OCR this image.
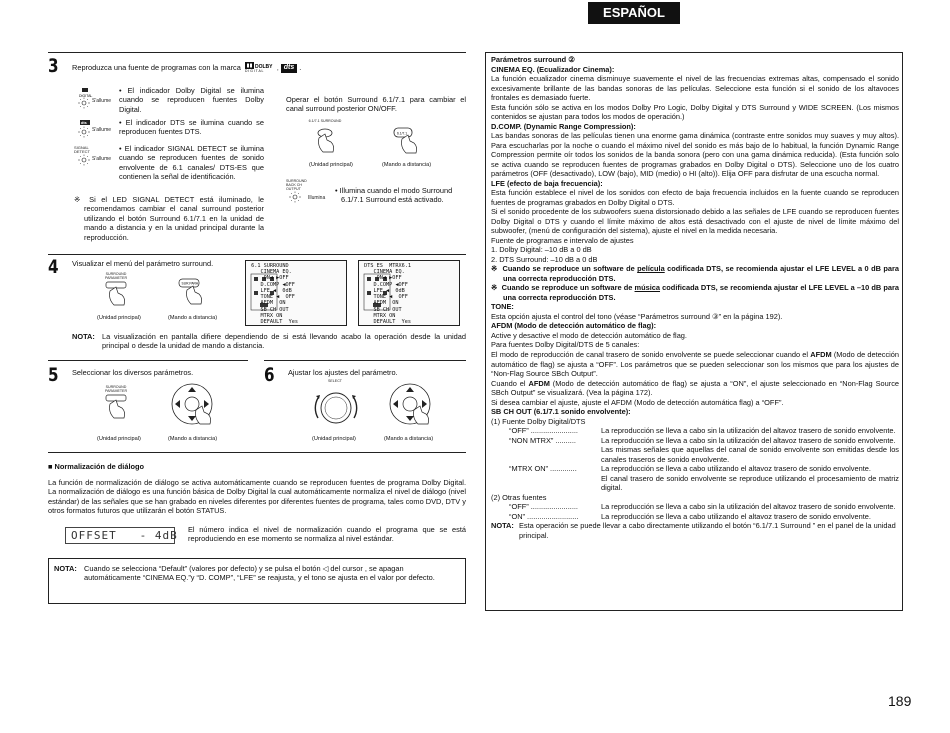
ESPAÑOL
3 Reproduzca una fuente de programas con la marca	DOLBY
D I G I T A L , dts .
DIGITAL
S'allume
dts
S'allume
SIGNAL DETECT
S'allume
• El indicador Dolby Digital se ilumina cuando se reproducen fuentes Dolby Digital.
• El indicador DTS se ilumina cuando se reproducen fuentes DTS.
• El indicador SIGNAL DETECT se ilumina cuando se reproducen fuentes de sonido envolvente de 6.1 canales/ DTS-ES que contienen la señal de identificación.
※ Si el LED SIGNAL DETECT está iluminado, le recomendamos cambiar el canal surround posterior utilizando el botón Surround 6.1/7.1 en la unidad de mando a distancia y en la unidad principal durante la reproducción.
Operar el botón Surround 6.1/7.1 para cambiar el canal surround posterior ON/OFF.
6.1/7.1 SURROUND
6.1/7.1
(Unidad principal)	(Mando a distancia)
SURROUND BACK CH OUTPUT
Illumina
• Illumina cuando el modo Surround 6.1/7.1 Surround está activado.
4 Visualizar el menú del parámetro surround.
SURROUND PARAMETER
SUR.PARA
(Unidad principal)	(Mando a distancia)
6.1 SURROUND
CINEMA EQ.
ON◀ ▶OFF
D.COMP ◀OFF
LFE ◀  0dB
TONE ◀  OFF
AFDM  ON
SB CH OUT
MTRX ON
DEFAULT  Yes
DTS ES  MTRX6.1
CINEMA EQ.
ON◀ ▶OFF
D.COMP ◀OFF
LFE ◀  0dB
TONE ◀  OFF
AFDM  ON
SB CH OUT
MTRX ON
DEFAULT  Yes
NOTA: La visualización en pantalla difiere dependiendo de si está llevando acabo la operación desde la unidad principal o desde la unidad de mando a distancia.
5 Seleccionar los diversos parámetros.	6 Ajustar los ajustes del parámetro.
SURROUND PARAMETER
(Unidad principal)	(Mando a distancia)
SELECT
(Unidad principal)	(Mando a distancia)
■ Normalización de diálogo
La función de normalización de diálogo se activa automáticamente cuando se reproducen fuentes de programa Dolby Digital. La normalización de diálogo es una función básica de Dolby Digital la cual automáticamente normaliza el nivel de diálogo (nivel estándar) de las señales que se han grabado en niveles diferentes por diferentes fuentes de programa, tales como DVD, DTV y otros formatos futuros que utilizarán el botón STATUS.
OFFSET   - 4dB El número indica el nivel de normalización cuando el programa que se está reproduciendo en ese momento se normaliza al nivel estándar.
NOTA: Cuando se selecciona “Default” (valores por defecto) y se pulsa el botón ◁ del cursor , se apagan automáticamente “CINEMA EQ.”y “D. COMP”, “LFE” se reajusta, y el tono se ajusta en el valor por defecto.

Parámetros surround ②

CINEMA EQ. (Ecualizador Cinema):

La función ecualizador cinema disminuye suavemente el nivel de las frecuencias extremas altas, compensado el sonido excesivamente brillante de las bandas sonoras de las películas. Seleccione esta función si el sonido de los altavoces frontales es demasiado fuerte.

Esta función sólo se activa en los modos Dolby Pro Logic, Dolby Digital y DTS Surround y WIDE SCREEN. (Los mismos contenidos se ajustan para todos los modos de operación.)

D.COMP. (Dynamic Range Compression):

Las bandas sonoras de las películas tienen una enorme gama dinámica (contraste entre sonidos muy suaves y muy altos). Para escucharlas por la noche o cuando el máximo nivel del sonido es más bajo de lo habitual, la función Dynamic Range Compression permite oír todos los sonidos de la banda sonora (pero con una gama dinámica reducida). (Esta función solo se activa cuando se reproducen fuentes de programas grabados en Dolby Digital o DTS). Seleccione uno de los cuatro parámetros (OFF (desactivado), LOW (bajo), MID (medio) o HI (alto)). Elija OFF para disfrutar de una escucha normal.

LFE (efecto de baja frecuencia):

Esta función establece el nivel de los sonidos con efecto de baja frecuencia incluidos en la fuente cuando se reproducen fuentes de programas grabados en Dolby Digital o DTS.

Si el sonido procedente de los subwoofers suena distorsionado debido a las señales de LFE cuando se reproducen fuentes Dolby Digital o DTS y cuando el límite máximo de altos está desactivado con el ajuste de nivel de límite máximo del subwoofer, (menú de configuración del sistema), ajuste el nivel en la medida necesaria.

Fuente de programas e intervalo de ajustes

1. Dolby Digital: –10 dB a 0 dB

2. DTS Surround: –10 dB a 0 dB

※  Cuando se reproduce un software de película codificada DTS, se recomienda ajustar el LFE LEVEL a 0 dB para una correcta reproducción DTS.

※  Cuando se reproduce un software de música codificada DTS, se recomienda ajustar el LFE LEVEL a –10 dB para una correcta reproducción DTS.

TONE:

Esta opción ajusta el control del tono (véase “Parámetros surround ③” en la página 192).

AFDM (Modo de detección automático de flag):

Active y desactive el modo de detección automático de flag.

Para fuentes Dolby Digital/DTS de 5 canales:

El modo de reproducción de canal trasero de sonido envolvente se puede seleccionar cuando el AFDM (Modo de detección automático de flag) se ajusta a “OFF”. Los parámetros que se pueden seleccionar son los mismos que para los ajustes de “Non-Flag Source SBch Output”.

Cuando el AFDM (Modo de detección automático de flag) se ajusta a “ON”, el ajuste seleccionado en “Non-Flag Source SBch Output” se visualizará. (Vea la página 172).

Si desea cambiar el ajuste, ajuste el AFDM (Modo de detección automática flag) a “OFF”.

SB CH OUT (6.1/7.1 sonido envolvente):

(1) Fuente Dolby Digital/DTS

“OFF” .......................	La reproducción se lleva a cabo sin la utilización del altavoz trasero de sonido envolvente.
“NON MTRX” ..........	La reproducción se lleva a cabo sin la utilización del altavoz trasero de sonido envolvente.
Las mismas señales que aquellas del canal de sonido envolvente son emitidas desde los canales traseros de sonido envolvente.
“MTRX ON” .............	La reproducción se lleva a cabo utilizando el altavoz trasero de sonido envolvente.
El canal trasero de sonido envolvente se reproduce utilizando el procesamiento de matriz digital.

(2) Otras fuentes

“OFF” .......................	La reproducción se lleva a cabo sin la utilización del altavoz trasero de sonido envolvente.
“ON” .........................	La reproducción se lleva a cabo utilizando el altavoz trasero de sonido envolvente.
NOTA: Esta operación se puede llevar a cabo directamente utilizando el botón “6.1/7.1 Surround ” en el panel de la unidad principal.
189
